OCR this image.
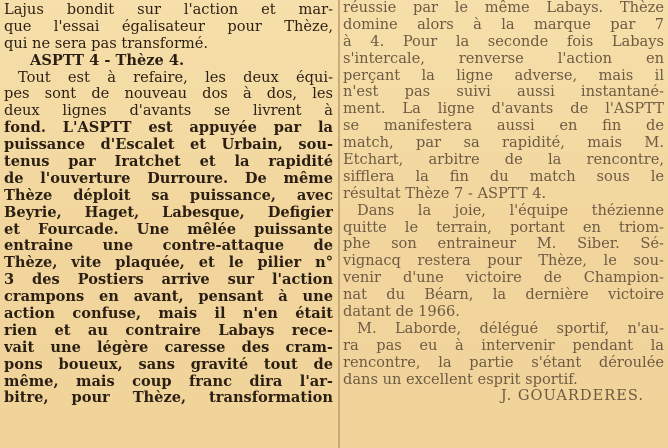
Lajus bondit sur l'action et mar-
que l'essai égalisateur pour Thèze,
qui ne sera pas transformé.
ASPTT 4 - Thèze 4.
Tout est à refaire, les deux équi-
pes sont de nouveau dos à dos, les
deux lignes d'avants se livrent à
fond. L'ASPTT est appuyée par la
puissance d'Escalet et Urbain, sou-
tenus par Iratchet et la rapidité
de l'ouverture Durroure. De même
Thèze déploit sa puissance, avec
Beyrie, Haget, Labesque, Defigier
et Fourcade. Une mêlée puissante
entraine une contre-attaque de
Thèze, vite plaquée, et le pilier n°
3 des Postiers arrive sur l'action
crampons en avant, pensant à une
action confuse, mais il n'en était
rien et au contraire Labays rece-
vait une légère caresse des cram-
pons boueux, sans gravité tout de
même, mais coup franc dira l'ar-
bitre, pour Thèze, transformation
réussie par le même Labays. Thèze
domine alors à la marque par 7
à 4. Pour la seconde fois Labays
s'intercale, renverse l'action en
perçant la ligne adverse, mais il
n'est pas suivi aussi instantané-
ment. La ligne d'avants de l'ASPTT
se manifestera aussi en fin de
match, par sa rapidité, mais M.
Etchart, arbitre de la rencontre,
sifflera la fin du match sous le
résultat Thèze 7 - ASPTT 4.
Dans la joie, l'équipe thézienne
quitte le terrain, portant en triom-
phe son entraineur M. Siber. Sé-
vignacq restera pour Thèze, le sou-
venir d'une victoire de Champion-
nat du Béarn, la dernière victoire
datant de 1966.
M. Laborde, délégué sportif, n'au-
ra pas eu à intervenir pendant la
rencontre, la partie s'étant déroulée
dans un excellent esprit sportif.
J. GOUARDERES.
